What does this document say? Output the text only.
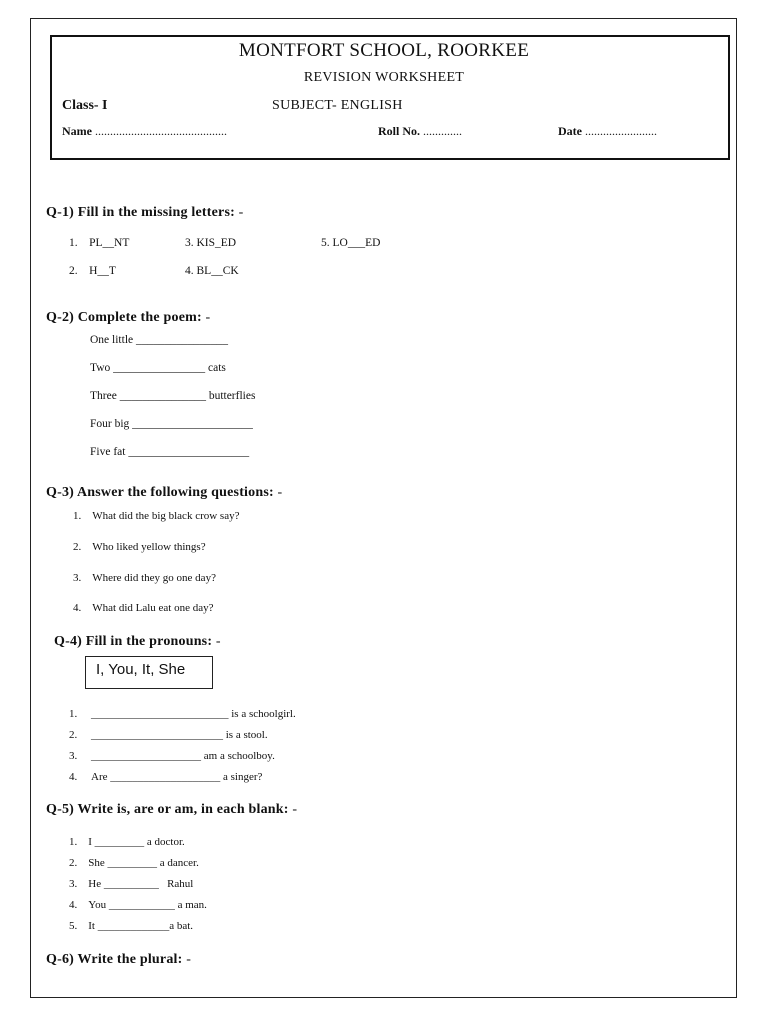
MONTFORT SCHOOL, ROORKEE
REVISION WORKSHEET
Class- I	SUBJECT- ENGLISH
Name ............................................	Roll No. .............	Date ........................
Q-1) Fill in the missing letters: -
1. PL__NT	3. KIS_ED	5. LO___ED
2. H__T	4. BL__CK
Q-2) Complete the poem: -
One little ________________
Two ________________ cats
Three _______________ butterflies
Four big _____________________
Five fat _____________________
Q-3) Answer the following questions: -
1. What did the big black crow say?
2. Who liked yellow things?
3. Where did they go one day?
4. What did Lalu eat one day?
Q-4) Fill in the pronouns: -
I, You, It, She
1. _________________________ is a schoolgirl.
2. ________________________ is a stool.
3. ____________________ am a schoolboy.
4. Are ____________________ a singer?
Q-5) Write is, are or am, in each blank: -
1. I _________ a doctor.
2. She _________ a dancer.
3. He __________   Rahul
4. You ____________ a man.
5. It _____________a bat.
Q-6) Write the plural: -
